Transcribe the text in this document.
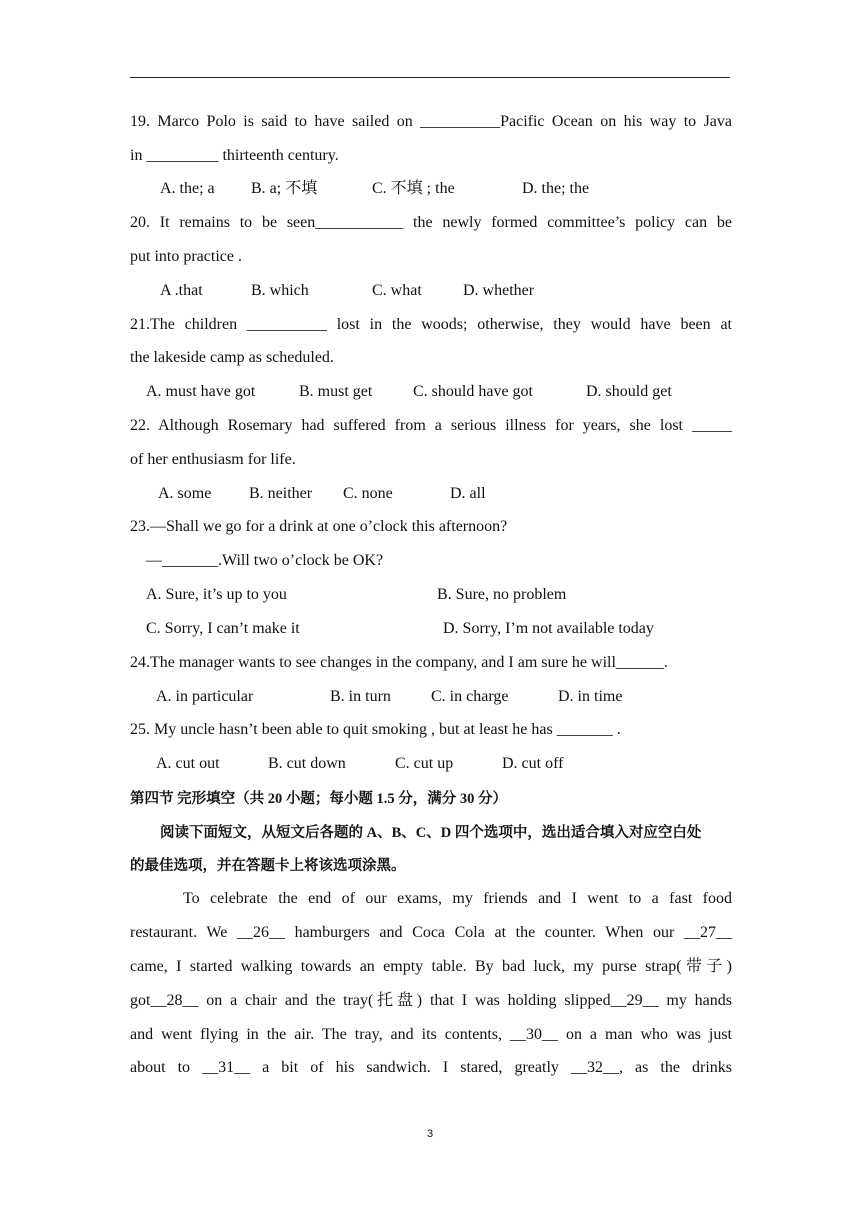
19. Marco Polo is said to have sailed on __________Pacific Ocean on his way to Java
in _________ thirteenth century.
A. the; a B. a; 不填	C. 不填 ; the	D. the; the
20. It remains to be seen___________ the newly formed committee’s policy can be
put into practice .
A .that	B. which	C. what	D. whether
21.The children __________ lost in the woods; otherwise, they would have been at
the lakeside camp as scheduled.
A. must have got	B. must get	C. should have got	D. should get
22. Although Rosemary had suffered from a serious illness for years, she lost _____
of her enthusiasm for life.
A. some B. neither C. none	D. all
23.—Shall we go for a drink at one o’clock this afternoon?
—_______.Will two o’clock be OK?
A. Sure, it’s up to you	B. Sure, no problem
C. Sorry, I can’t make it	D. Sorry, I’m not available today
24.The manager wants to see changes in the company, and I am sure he will______.
A. in particular	B. in turn	C. in charge	D. in time
25. My uncle hasn’t been able to quit smoking , but at least he has _______ .
A. cut out	B. cut down	C. cut up	D. cut off
第四节 完形填空（共 20 小题；每小题 1.5 分，满分 30 分）
阅读下面短文，从短文后各题的 A、B、C、D 四个选项中，选出适合填入对应空白处
的最佳选项，并在答题卡上将该选项涂黑。
To celebrate the end of our exams, my friends and I went to a fast food
restaurant. We __26__ hamburgers and Coca Cola at the counter. When our __27__
came, I started walking towards an empty table. By bad luck, my purse strap(带子)
got__28__ on a chair and the tray(托盘) that I was holding slipped__29__ my hands
and went flying in the air. The tray, and its contents, __30__ on a man who was just
about to __31__ a bit of his sandwich. I stared, greatly __32__, as the drinks
3
